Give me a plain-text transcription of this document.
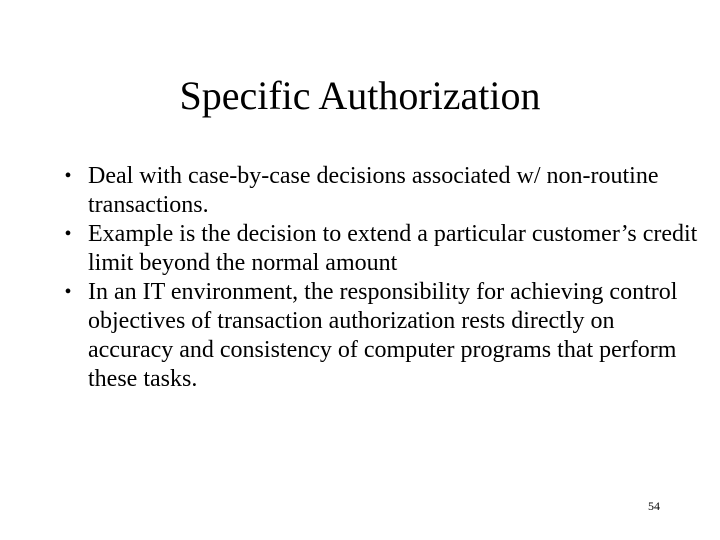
Specific Authorization
• Deal with case-by-case decisions associated w/ non-routine transactions.
• Example is the decision to extend a particular customer’s credit limit beyond the normal amount
• In an IT environment, the responsibility for achieving control objectives of transaction authorization rests directly on accuracy and consistency of computer programs that perform these tasks.
54
